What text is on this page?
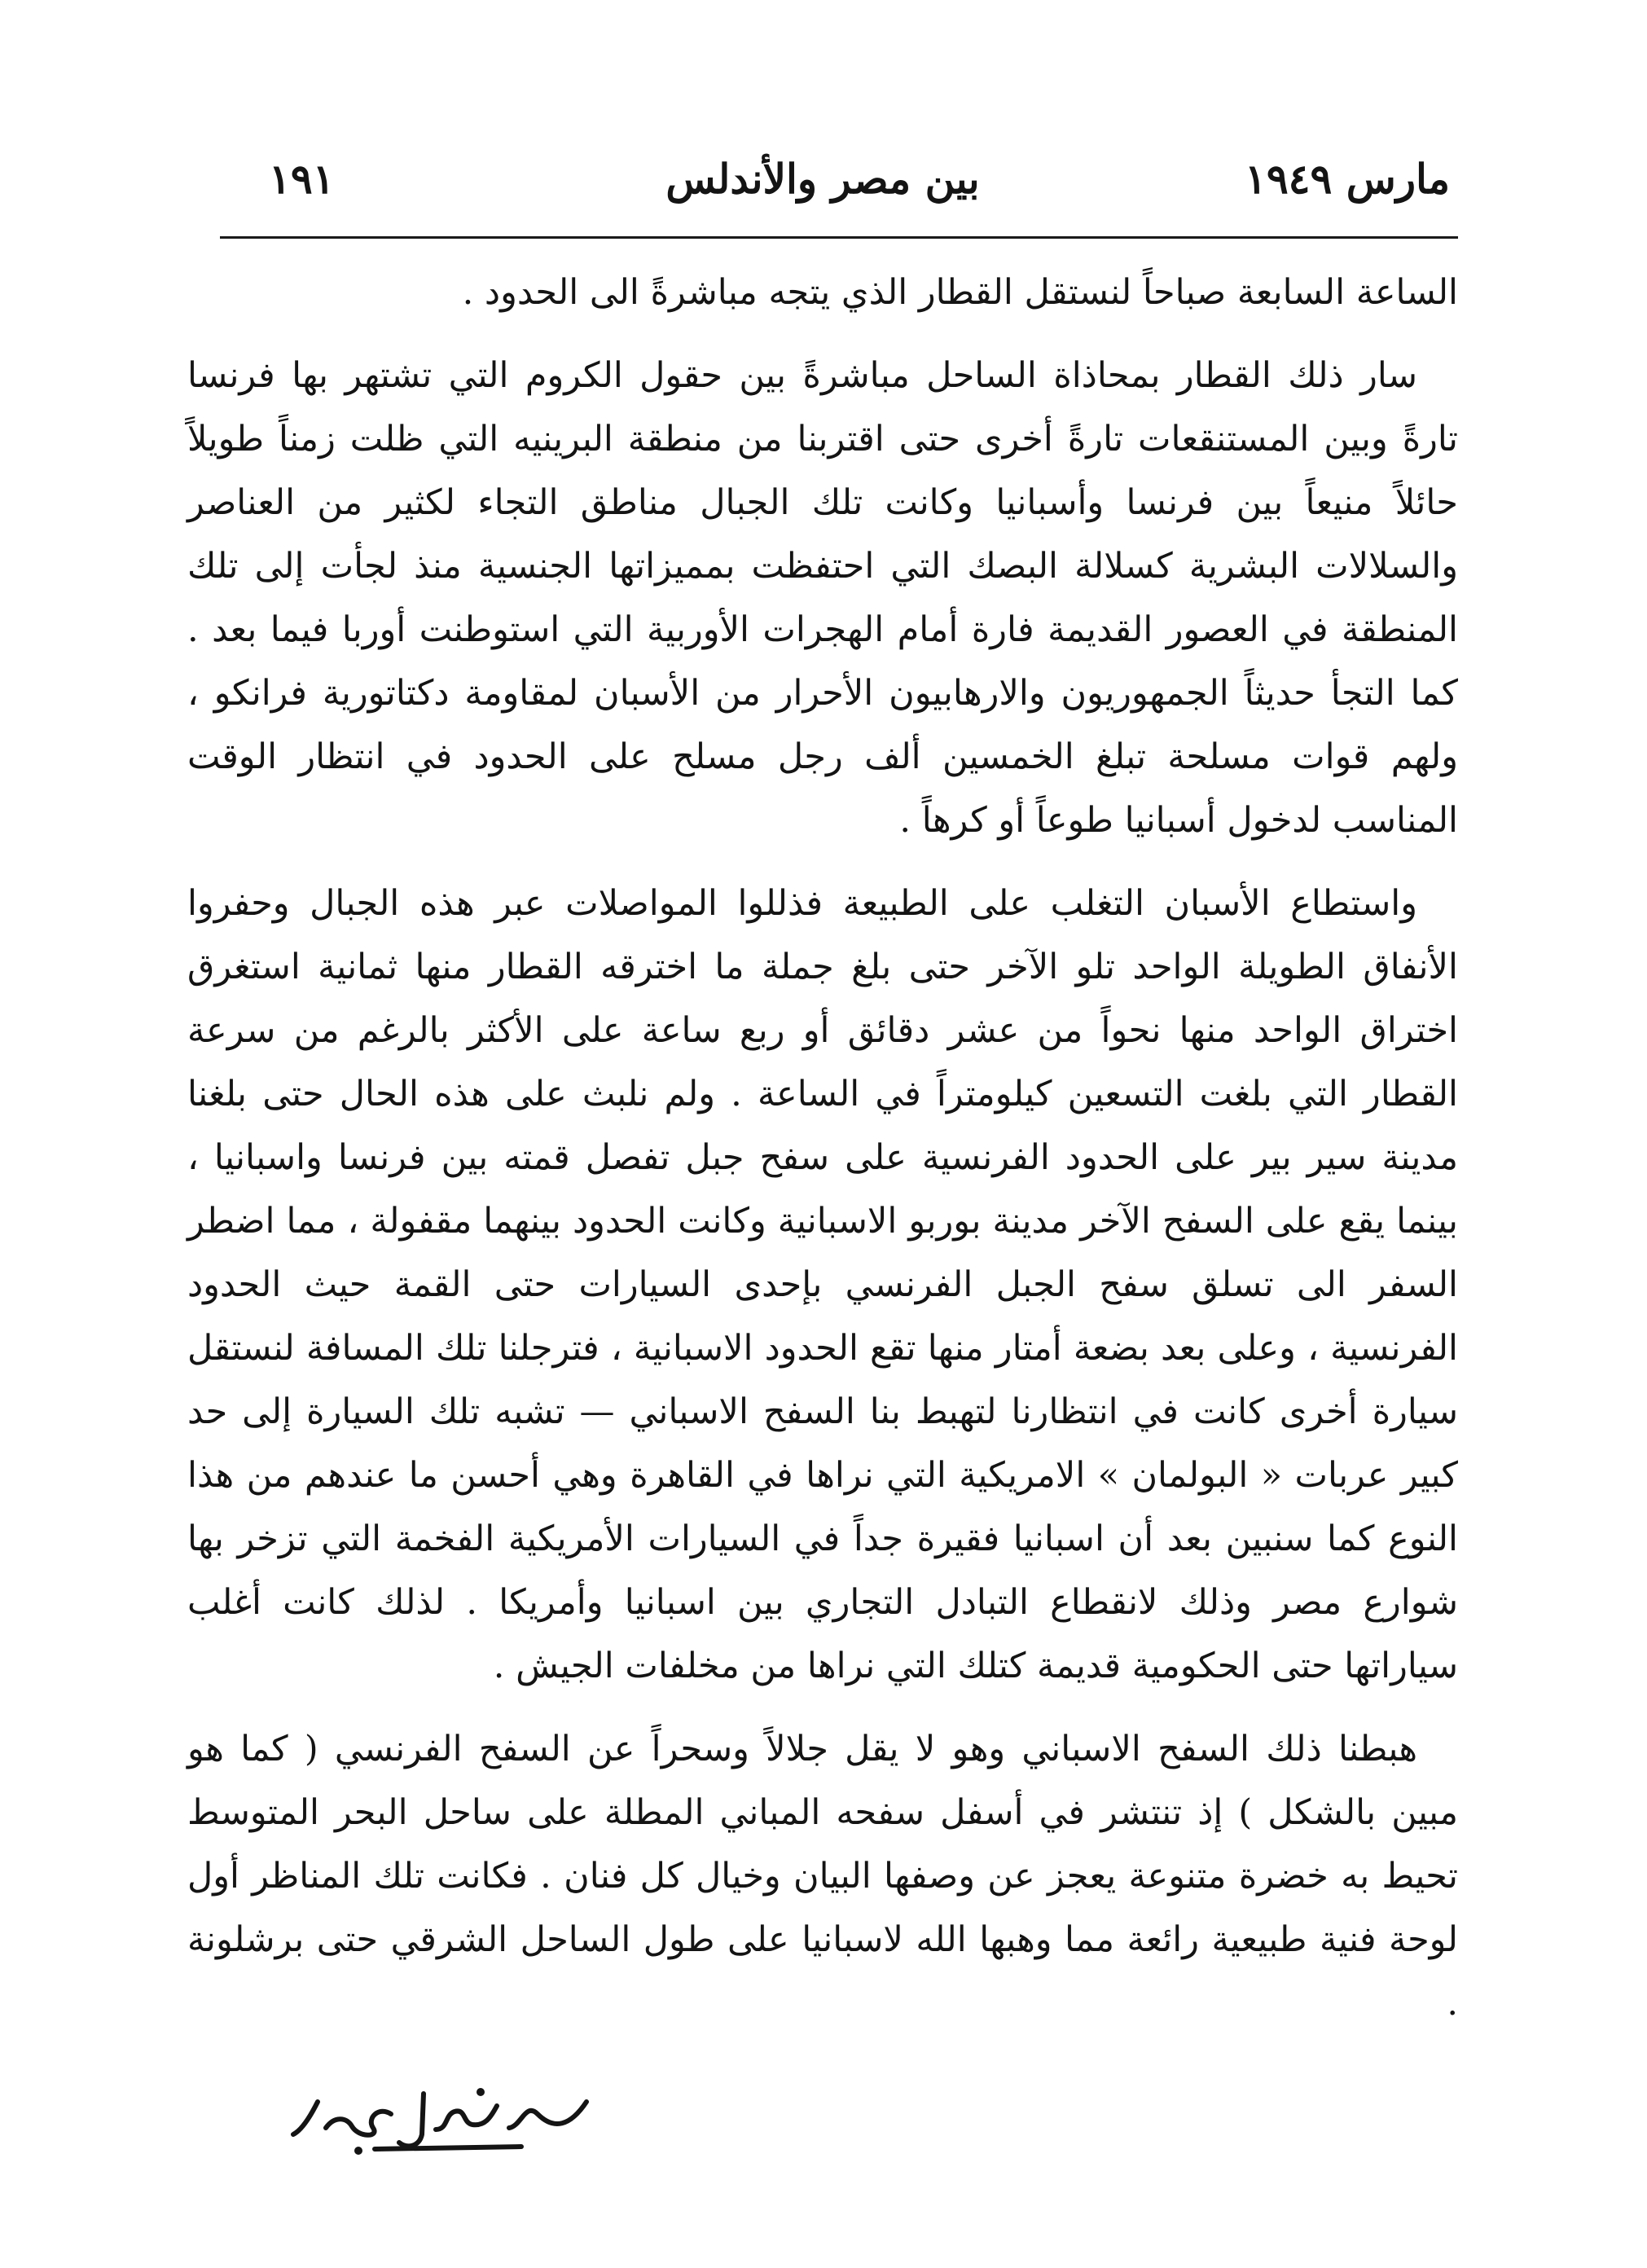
مارس ١٩٤٩
بين مصر والأندلس
١٩١

الساعة السابعة صباحاً لنستقل القطار الذي يتجه مباشرةً الى الحدود .

سار ذلك القطار بمحاذاة الساحل مباشرةً بين حقول الكروم التي تشتهر بها فرنسا تارةً وبين المستنقعات تارةً أخرى حتى اقتربنا من منطقة البرينيه التي ظلت زمناً طويلاً حائلاً منيعاً بين فرنسا وأسبانيا وكانت تلك الجبال مناطق التجاء لكثير من العناصر والسلالات البشرية كسلالة البصك التي احتفظت بمميزاتها الجنسية منذ لجأت إلى تلك المنطقة في العصور القديمة فارة أمام الهجرات الأوربية التي استوطنت أوربا فيما بعد . كما التجأ حديثاً الجمهوريون والارهابيون الأحرار من الأسبان لمقاومة دكتاتورية فرانكو ، ولهم قوات مسلحة تبلغ الخمسين ألف رجل مسلح على الحدود في انتظار الوقت المناسب لدخول أسبانيا طوعاً أو كرهاً .

واستطاع الأسبان التغلب على الطبيعة فذللوا المواصلات عبر هذه الجبال وحفروا الأنفاق الطويلة الواحد تلو الآخر حتى بلغ جملة ما اخترقه القطار منها ثمانية استغرق اختراق الواحد منها نحواً من عشر دقائق أو ربع ساعة على الأكثر بالرغم من سرعة القطار التي بلغت التسعين كيلومتراً في الساعة . ولم نلبث على هذه الحال حتى بلغنا مدينة سير بير على الحدود الفرنسية على سفح جبل تفصل قمته بين فرنسا واسبانيا ، بينما يقع على السفح الآخر مدينة بوربو الاسبانية وكانت الحدود بينهما مقفولة ، مما اضطر السفر الى تسلق سفح الجبل الفرنسي بإحدى السيارات حتى القمة حيث الحدود الفرنسية ، وعلى بعد بضعة أمتار منها تقع الحدود الاسبانية ، فترجلنا تلك المسافة لنستقل سيارة أخرى كانت في انتظارنا لتهبط بنا السفح الاسباني — تشبه تلك السيارة إلى حد كبير عربات « البولمان » الامريكية التي نراها في القاهرة وهي أحسن ما عندهم من هذا النوع كما سنبين بعد أن اسبانيا فقيرة جداً في السيارات الأمريكية الفخمة التي تزخر بها شوارع مصر وذلك لانقطاع التبادل التجاري بين اسبانيا وأمريكا . لذلك كانت أغلب سياراتها حتى الحكومية قديمة كتلك التي نراها من مخلفات الجيش .

هبطنا ذلك السفح الاسباني وهو لا يقل جلالاً وسحراً عن السفح الفرنسي ( كما هو مبين بالشكل ) إذ تنتشر في أسفل سفحه المباني المطلة على ساحل البحر المتوسط تحيط به خضرة متنوعة يعجز عن وصفها البيان وخيال كل فنان . فكانت تلك المناظر أول لوحة فنية طبيعية رائعة مما وهبها الله لاسبانيا على طول الساحل الشرقي حتى برشلونة .
